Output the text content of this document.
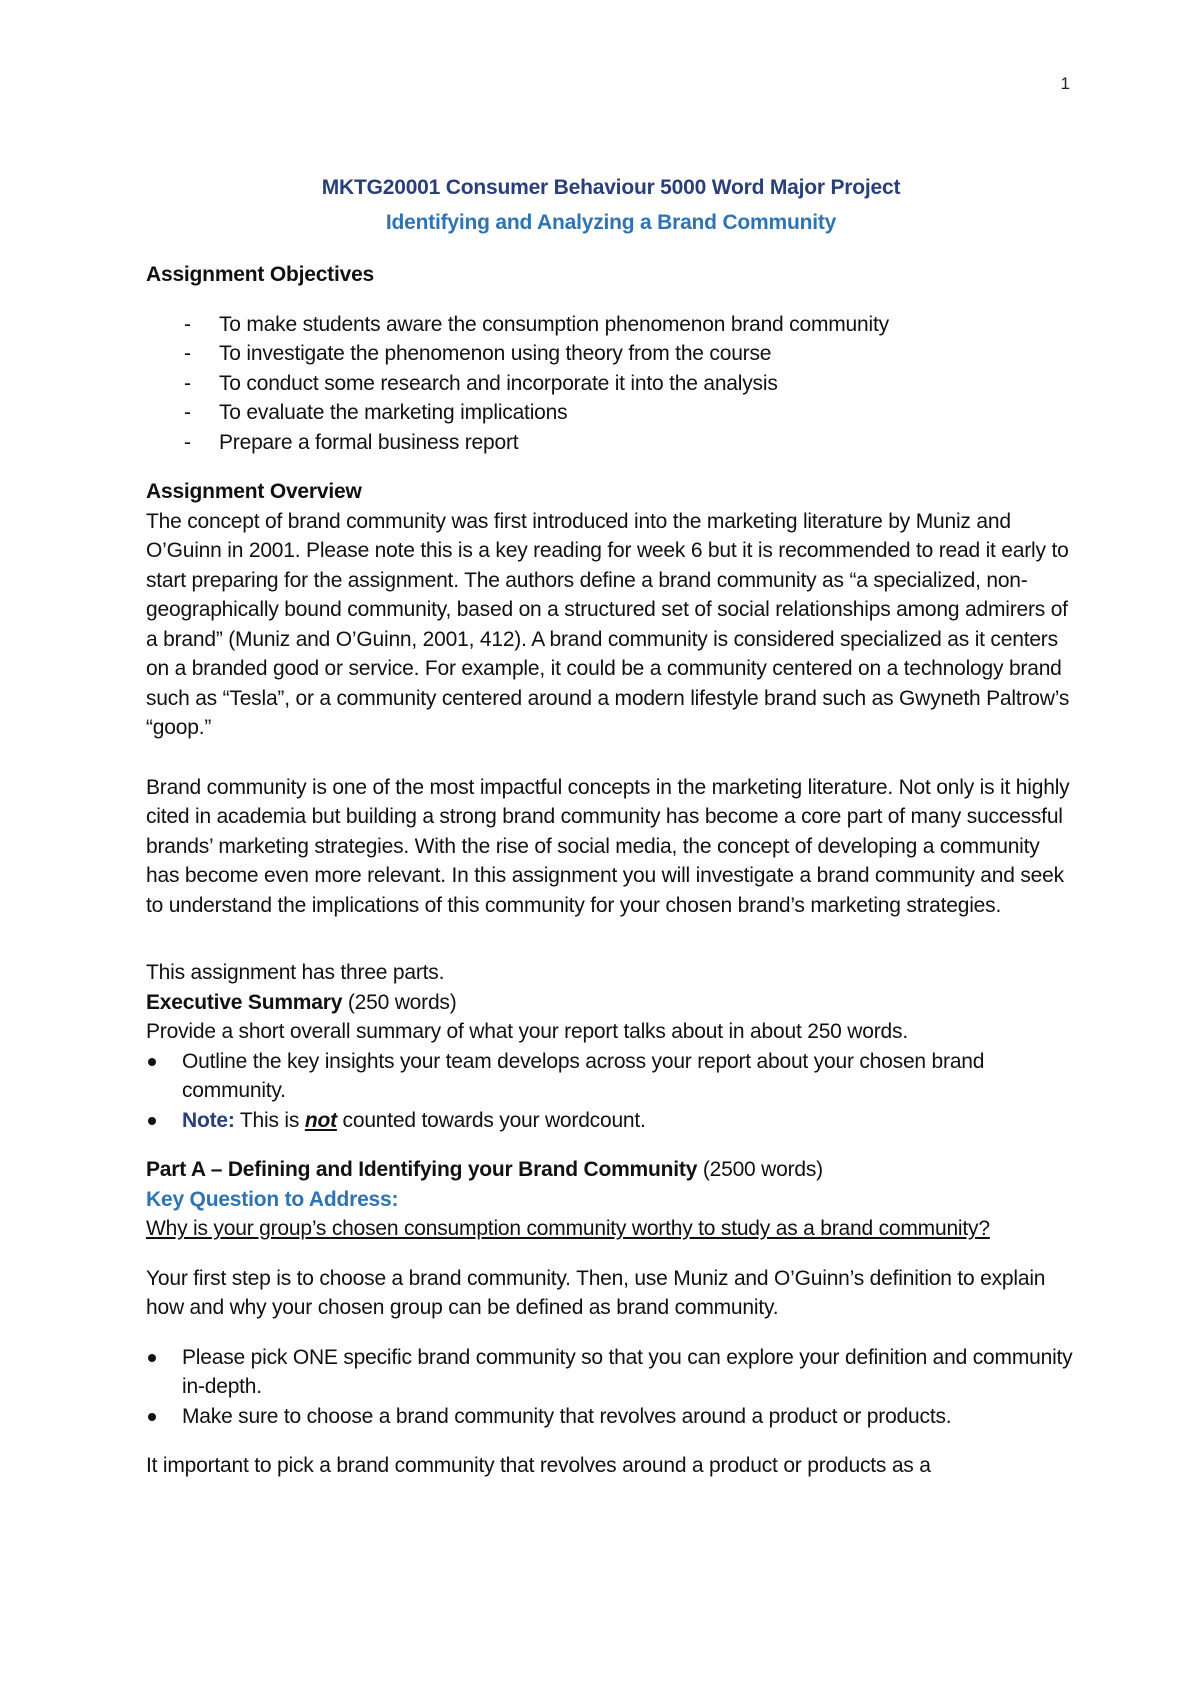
1

MKTG20001 Consumer Behaviour 5000 Word Major Project

Identifying and Analyzing a Brand Community

Assignment Objectives

- To make students aware the consumption phenomenon brand community
- To investigate the phenomenon using theory from the course
- To conduct some research and incorporate it into the analysis
- To evaluate the marketing implications
- Prepare a formal business report

Assignment Overview

The concept of brand community was first introduced into the marketing literature by Muniz and O’Guinn in 2001. Please note this is a key reading for week 6 but it is recommended to read it early to start preparing for the assignment. The authors define a brand community as “a specialized, non-geographically bound community, based on a structured set of social relationships among admirers of a brand” (Muniz and O’Guinn, 2001, 412). A brand community is considered specialized as it centers on a branded good or service. For example, it could be a community centered on a technology brand such as “Tesla”, or a community centered around a modern lifestyle brand such as Gwyneth Paltrow’s “goop.”

Brand community is one of the most impactful concepts in the marketing literature. Not only is it highly cited in academia but building a strong brand community has become a core part of many successful brands’ marketing strategies. With the rise of social media, the concept of developing a community has become even more relevant. In this assignment you will investigate a brand community and seek to understand the implications of this community for your chosen brand’s marketing strategies.

This assignment has three parts.

Executive Summary (250 words)

Provide a short overall summary of what your report talks about in about 250 words.

Outline the key insights your team develops across your report about your chosen brand community.
Note: This is not counted towards your wordcount.

Part A – Defining and Identifying your Brand Community (2500 words)

Key Question to Address:

Why is your group’s chosen consumption community worthy to study as a brand community?

Your first step is to choose a brand community. Then, use Muniz and O’Guinn’s definition to explain how and why your chosen group can be defined as brand community.

Please pick ONE specific brand community so that you can explore your definition and community in-depth.
Make sure to choose a brand community that revolves around a product or products.

It important to pick a brand community that revolves around a product or products as a
